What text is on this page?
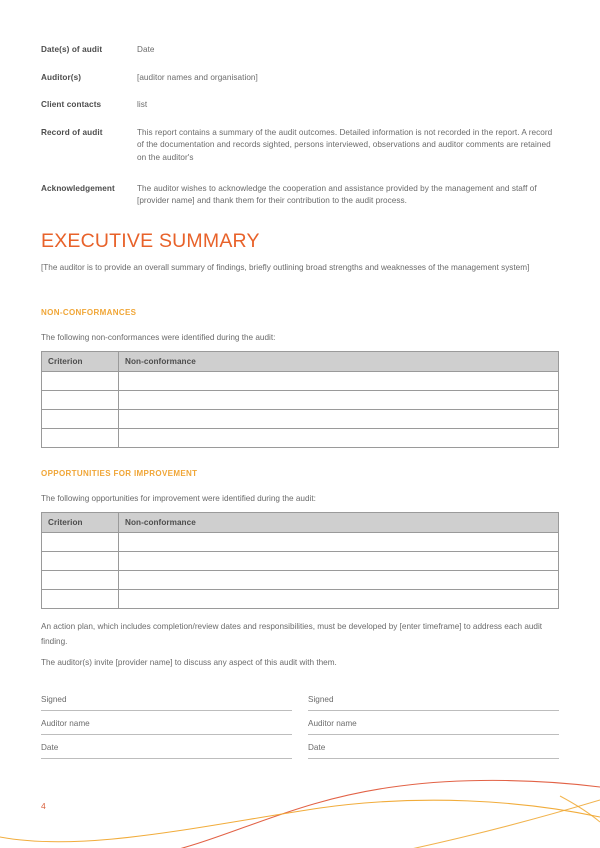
Date(s) of audit	Date
Auditor(s)	[auditor names and organisation]
Client contacts	list
Record of audit	This report contains a summary of the audit outcomes. Detailed information is not recorded in the report. A record of the documentation and records sighted, persons interviewed, observations and auditor comments are retained on the auditor's
Acknowledgement	The auditor wishes to acknowledge the cooperation and assistance provided by the management and staff of [provider name] and thank them for their contribution to the audit process.
EXECUTIVE SUMMARY
[The auditor is to provide an overall summary of findings, briefly outlining broad strengths and weaknesses of the management system]
NON-CONFORMANCES
The following non-conformances were identified during the audit:
Criterion	Non-conformance

OPPORTUNITIES FOR IMPROVEMENT
The following opportunities for improvement were identified during the audit:
Criterion	Non-conformance

An action plan, which includes completion/review dates and responsibilities, must be developed by [enter timeframe] to address each audit finding.
The auditor(s) invite [provider name] to discuss any aspect of this audit with them.
Signed	Signed
Auditor name	Auditor name
Date	Date
4
